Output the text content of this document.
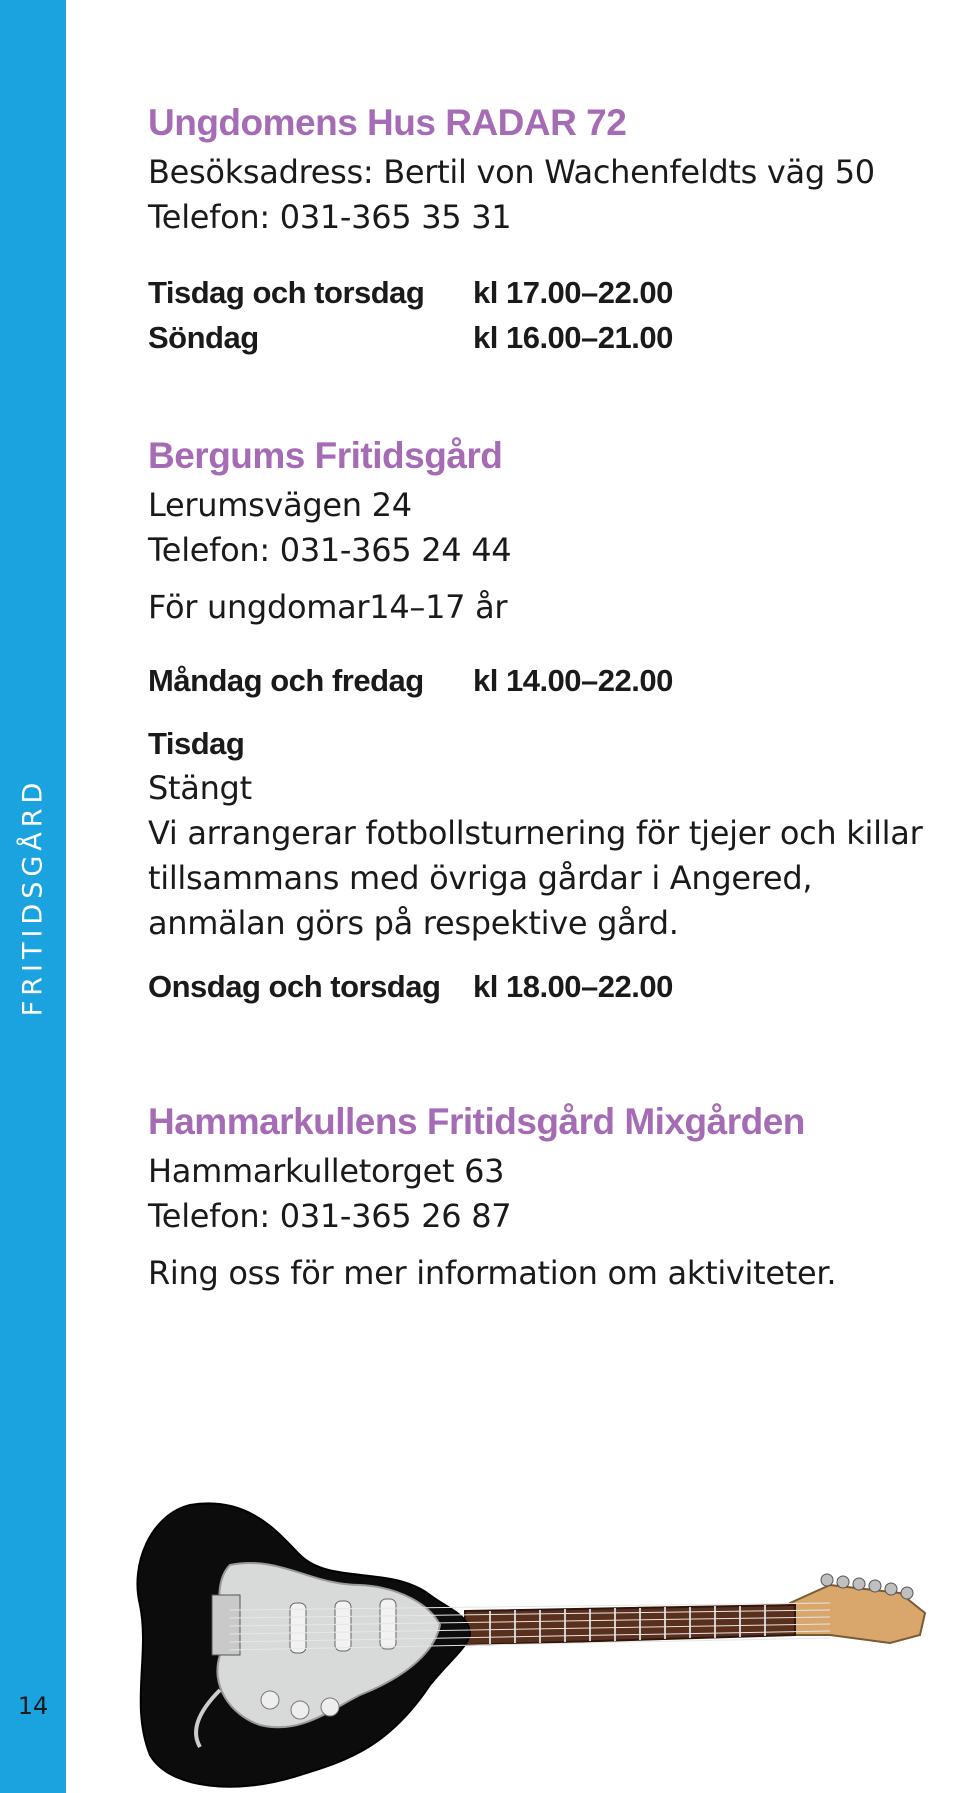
FRITIDSGÅRD
14
Ungdomens Hus RADAR 72

Besöksadress: Bertil von Wachenfeldts väg 50

Telefon: 031-365 35 31

Tisdag och torsdag	kl 17.00–22.00
Söndag	kl 16.00–21.00
Bergums Fritidsgård

Lerumsvägen 24

Telefon: 031-365 24 44

För ungdomar14–17 år

Måndag och fredag	kl 14.00–22.00

Tisdag

Stängt

Vi arrangerar fotbollsturnering för tjejer och killar

tillsammans med övriga gårdar i Angered,

anmälan görs på respektive gård.

Onsdag och torsdag	kl 18.00–22.00
Hammarkullens Fritidsgård Mixgården

Hammarkulletorget 63

Telefon: 031-365 26 87

Ring oss för mer information om aktiviteter.
